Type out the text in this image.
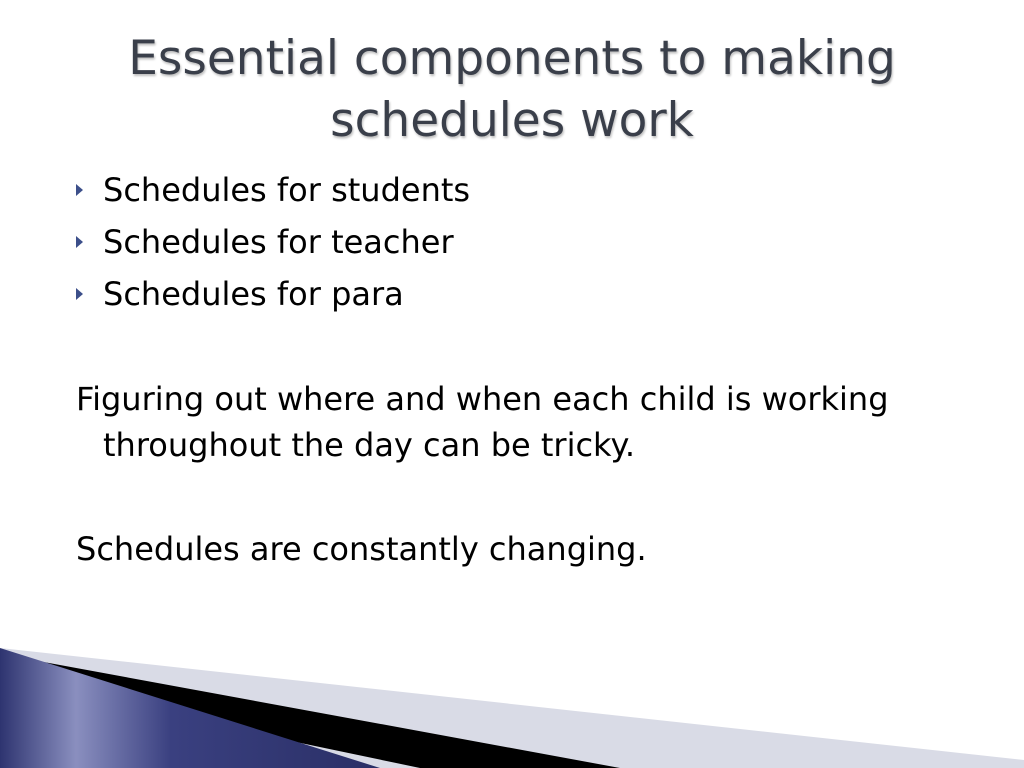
Essential components to making schedules work
Schedules for students
Schedules for teacher
Schedules for para

Figuring out where and when each child is working throughout the day can be tricky.

Schedules are constantly changing.
